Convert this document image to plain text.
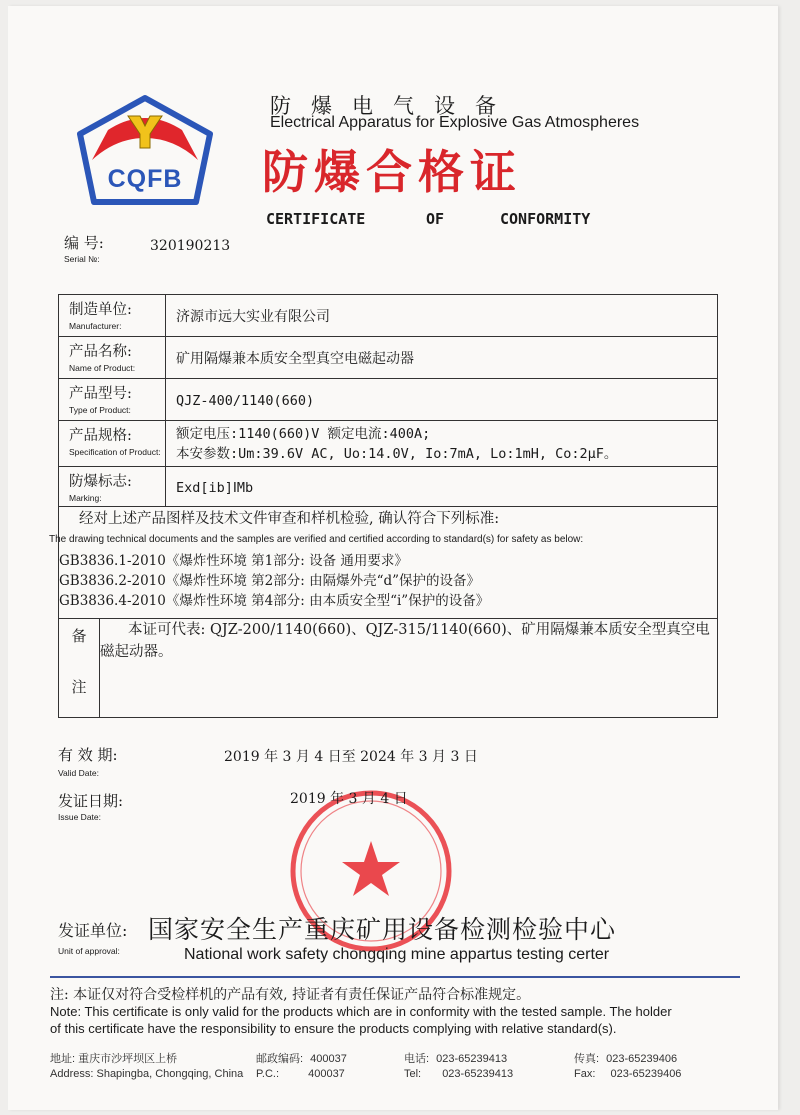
CQFB
防爆电气设备
Electrical Apparatus for Explosive Gas Atmospheres
防爆合格证
CERTIFICATE	OF	CONFORMITY
编 号:
Serial №:
320190213
制造单位:
Manufacturer:
	济源市远大实业有限公司

产品名称:
Name of Product:
	矿用隔爆兼本质安全型真空电磁起动器

产品型号:
Type of Product:
	QJZ-400/1140(660)

产品规格:
Specification of Product:

额定电压:1140(660)V 额定电流:400A;
本安参数:Um:39.6V AC, Uo:14.0V, Io:7mA, Lo:1mH, Co:2μF。

防爆标志:
Marking:
	Exd[ib]ⅠMb

经对上述产品图样及技术文件审查和样机检验, 确认符合下列标准:
The drawing technical documents and the samples are verified and certified according to standard(s) for safety as below:
GB3836.1-2010《爆炸性环境 第1部分: 设备 通用要求》
GB3836.2-2010《爆炸性环境 第2部分: 由隔爆外壳“d”保护的设备》
GB3836.4-2010《爆炸性环境 第4部分: 由本质安全型“i”保护的设备》

备
注

本证可代表: QJZ-200/1140(660)、QJZ-315/1140(660)、矿用隔爆兼本质安全型真空电磁起动器。
有 效 期:
Valid Date:
2019 年 3 月 4 日至 2024 年 3 月 3 日
发证日期:
Issue Date:
2019 年 3 月 4 日
发证单位:
Unit of approval:
国家安全生产重庆矿用设备检测检验中心
National work safety chongqing mine appartus testing certer
注: 本证仅对符合受检样机的产品有效, 持证者有责任保证产品符合标准规定。
Note: This certificate is only valid for the products which are in conformity with the tested sample. The holder
of this certificate have the responsibility to ensure the products complying with relative standard(s).
地址: 重庆市沙坪坝区上桥
Address: Shapingba, Chongqing, China
邮政编码: 400037
P.C.:	400037
电话: 023-65239413
Tel: 023-65239413
传真: 023-65239406
Fax: 023-65239406
